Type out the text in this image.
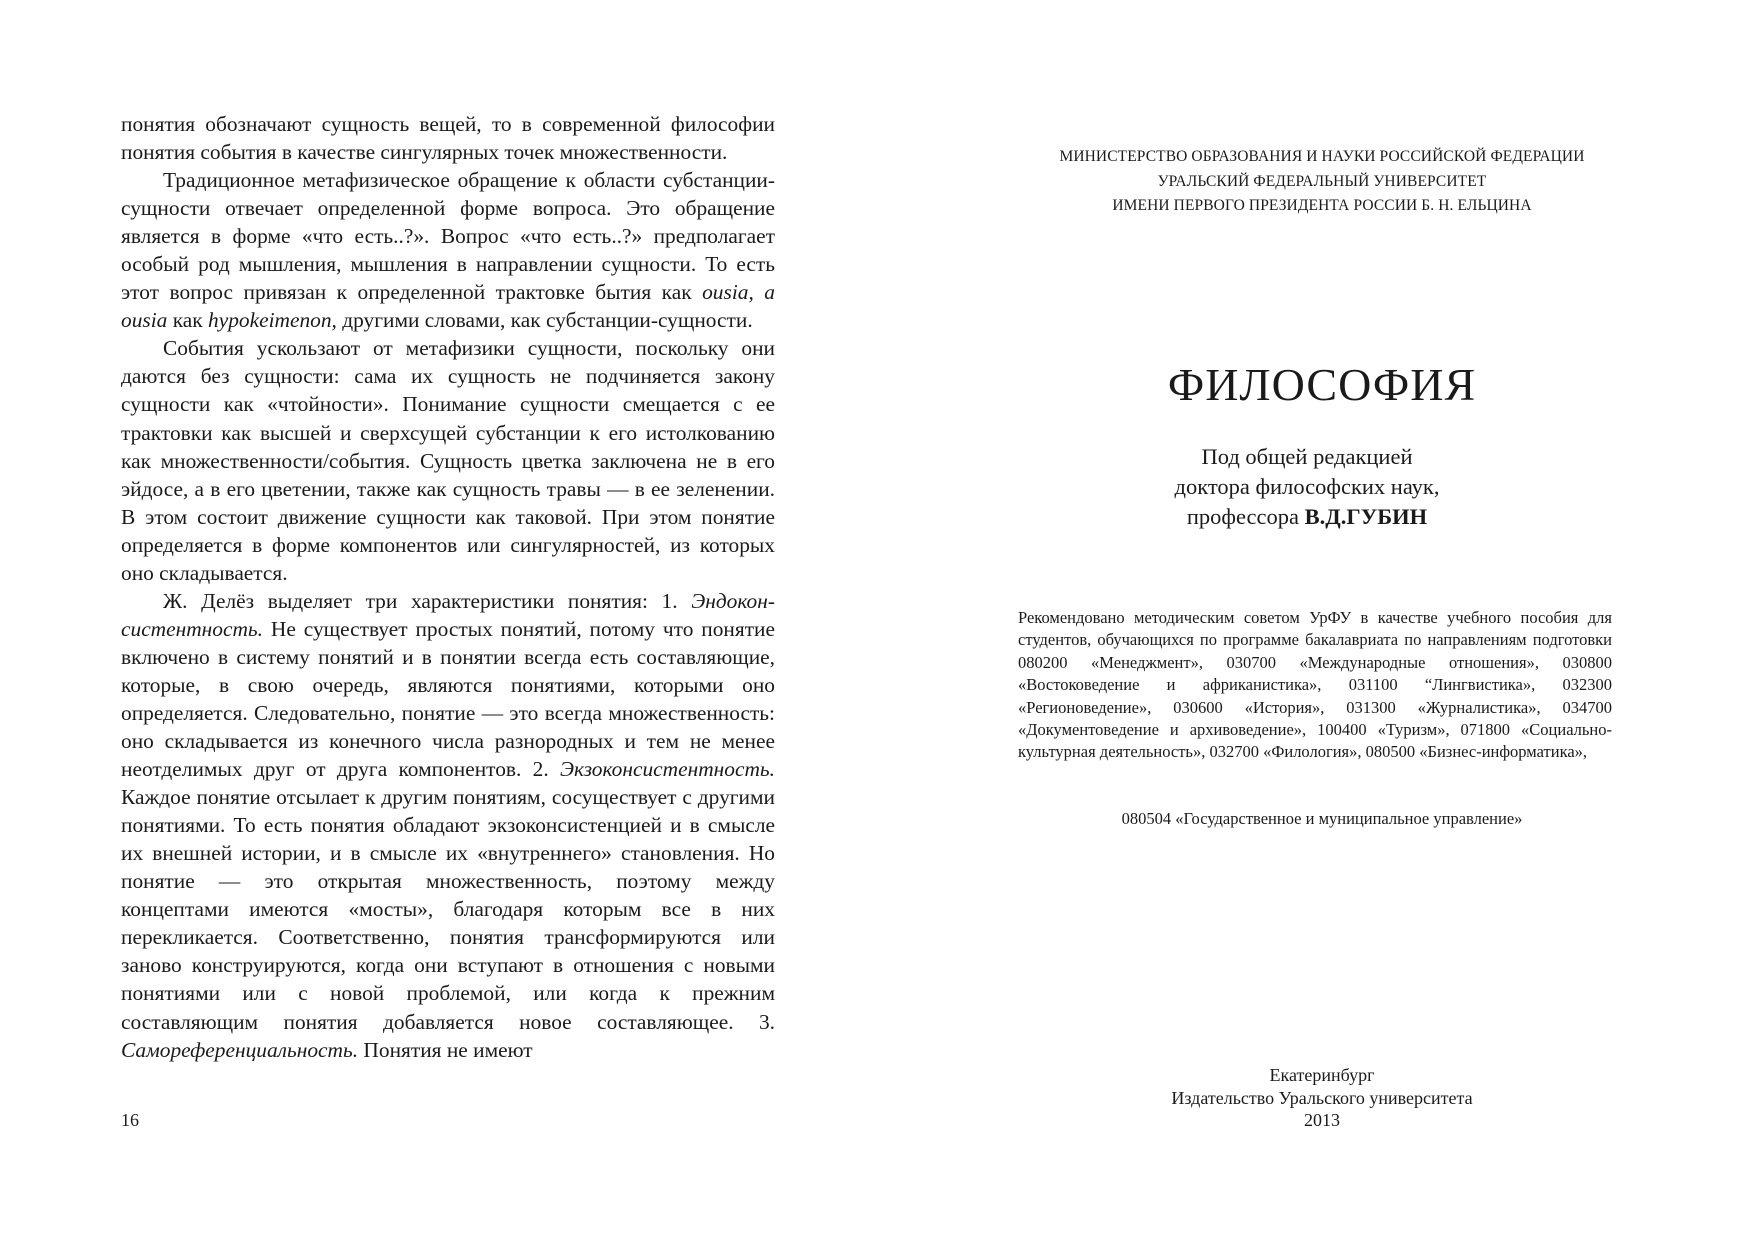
понятия обозначают сущность вещей, то в современной философии понятия события в качестве сингулярных точек множественности.

Традиционное метафизическое обращение к области субстанции-сущности отвечает определенной форме вопроса. Это обращение является в форме «что есть..?». Вопрос «что есть..?» предполагает особый род мышления, мышления в направлении сущности. То есть этот вопрос привязан к определенной трактовке бытия как ousia, a ousia как hypokeimenon, другими словами, как субстанции-сущности.

События ускользают от метафизики сущности, поскольку они даются без сущности: сама их сущность не подчиняется закону сущности как «чтойности». Понимание сущности смещается с ее трактовки как высшей и сверхсущей субстанции к его истолкованию как множественности/события. Сущность цветка заключена не в его эйдосе, а в его цветении, также как сущность травы — в ее зеленении. В этом состоит движение сущности как таковой. При этом понятие определяется в форме компонентов или сингулярностей, из которых оно складывается.

Ж. Делёз выделяет три характеристики понятия: 1. Эндоконсистентность. Не существует простых понятий, потому что понятие включено в систему понятий и в понятии всегда есть составляющие, которые, в свою очередь, являются понятиями, которыми оно определяется. Следовательно, понятие — это всегда множественность: оно складывается из конечного числа разнородных и тем не менее неотделимых друг от друга компонентов. 2. Экзоконсистентность. Каждое понятие отсылает к другим понятиям, сосуществует с другими понятиями. То есть понятия обладают экзоконсистенцией и в смысле их внешней истории, и в смысле их «внутреннего» становления. Но понятие — это открытая множественность, поэтому между концептами имеются «мосты», благодаря которым все в них перекликается. Соответственно, понятия трансформируются или заново конструируются, когда они вступают в отношения с новыми понятиями или с новой проблемой, или когда к прежним составляющим понятия добавляется новое составляющее. 3. Самореференциальность. Понятия не имеют

16
МИНИСТЕРСТВО ОБРАЗОВАНИЯ И НАУКИ РОССИЙСКОЙ ФЕДЕРАЦИИ
УРАЛЬСКИЙ ФЕДЕРАЛЬНЫЙ УНИВЕРСИТЕТ
ИМЕНИ ПЕРВОГО ПРЕЗИДЕНТА РОССИИ Б. Н. ЕЛЬЦИНА
ФИЛОСОФИЯ
Под общей редакцией
доктора философских наук,
профессора В.Д.ГУБИН
Рекомендовано методическим советом УрФУ в качестве учебного пособия для студентов, обучающихся по программе бакалавриата по направлениям подготовки 080200 «Менеджмент», 030700 «Международные отношения», 030800 «Востоковедение и африканистика», 031100 “Лингвистика», 032300 «Регионоведение», 030600 «История», 031300 «Журналистика», 034700 «Документоведение и архивоведение», 100400 «Туризм», 071800 «Социально-культурная деятельность», 032700 «Филология», 080500 «Бизнес-информатика»,
080504 «Государственное и муниципальное управление»
Екатеринбург
Издательство Уральского университета
2013
